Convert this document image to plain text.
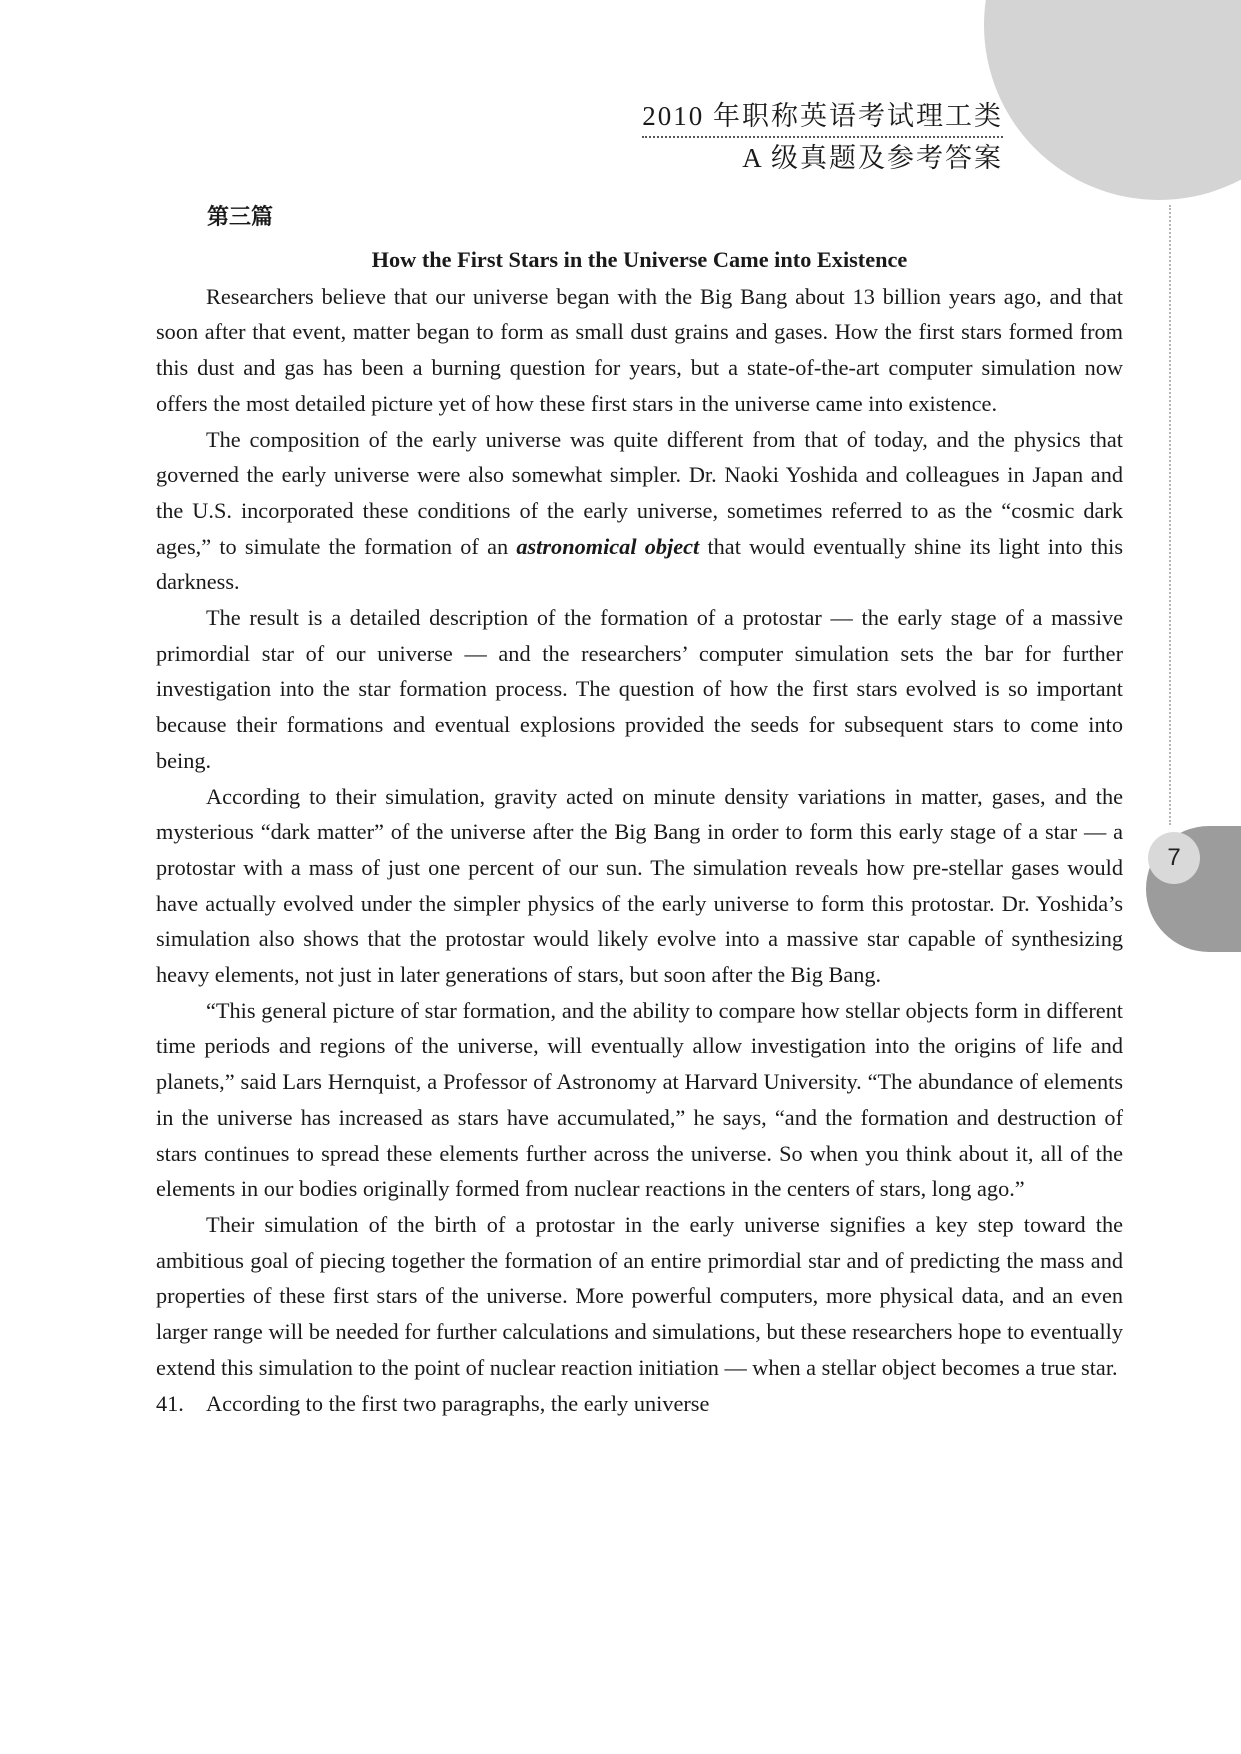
7
2010 年职称英语考试理工类
A 级真题及参考答案
第三篇
How the First Stars in the Universe Came into Existence

Researchers believe that our universe began with the Big Bang about 13 billion years ago, and that soon after that event, matter began to form as small dust grains and gases. How the first stars formed from this dust and gas has been a burning question for years, but a state-of-the-art computer simulation now offers the most detailed picture yet of how these first stars in the universe came into existence.

The composition of the early universe was quite different from that of today, and the physics that governed the early universe were also somewhat simpler. Dr. Naoki Yoshida and colleagues in Japan and the U.S. incorporated these conditions of the early universe, sometimes referred to as the “cosmic dark ages,” to simulate the formation of an astronomical object that would eventually shine its light into this darkness.

The result is a detailed description of the formation of a protostar — the early stage of a massive primordial star of our universe — and the researchers’ computer simulation sets the bar for further investigation into the star formation process. The question of how the first stars evolved is so important because their formations and eventual explosions provided the seeds for subsequent stars to come into being.

According to their simulation, gravity acted on minute density variations in matter, gases, and the mysterious “dark matter” of the universe after the Big Bang in order to form this early stage of a star — a protostar with a mass of just one percent of our sun. The simulation reveals how pre-stellar gases would have actually evolved under the simpler physics of the early universe to form this protostar. Dr. Yoshida’s simulation also shows that the protostar would likely evolve into a massive star capable of synthesizing heavy elements, not just in later generations of stars, but soon after the Big Bang.

“This general picture of star formation, and the ability to compare how stellar objects form in different time periods and regions of the universe, will eventually allow investigation into the origins of life and planets,” said Lars Hernquist, a Professor of Astronomy at Harvard University. “The abundance of elements in the universe has increased as stars have accumulated,” he says, “and the formation and destruction of stars continues to spread these elements further across the universe. So when you think about it, all of the elements in our bodies originally formed from nuclear reactions in the centers of stars, long ago.”

Their simulation of the birth of a protostar in the early universe signifies a key step toward the ambitious goal of piecing together the formation of an entire primordial star and of predicting the mass and properties of these first stars of the universe. More powerful computers, more physical data, and an even larger range will be needed for further calculations and simulations, but these researchers hope to eventually extend this simulation to the point of nuclear reaction initiation — when a stellar object becomes a true star.

41. According to the first two paragraphs, the early universe
